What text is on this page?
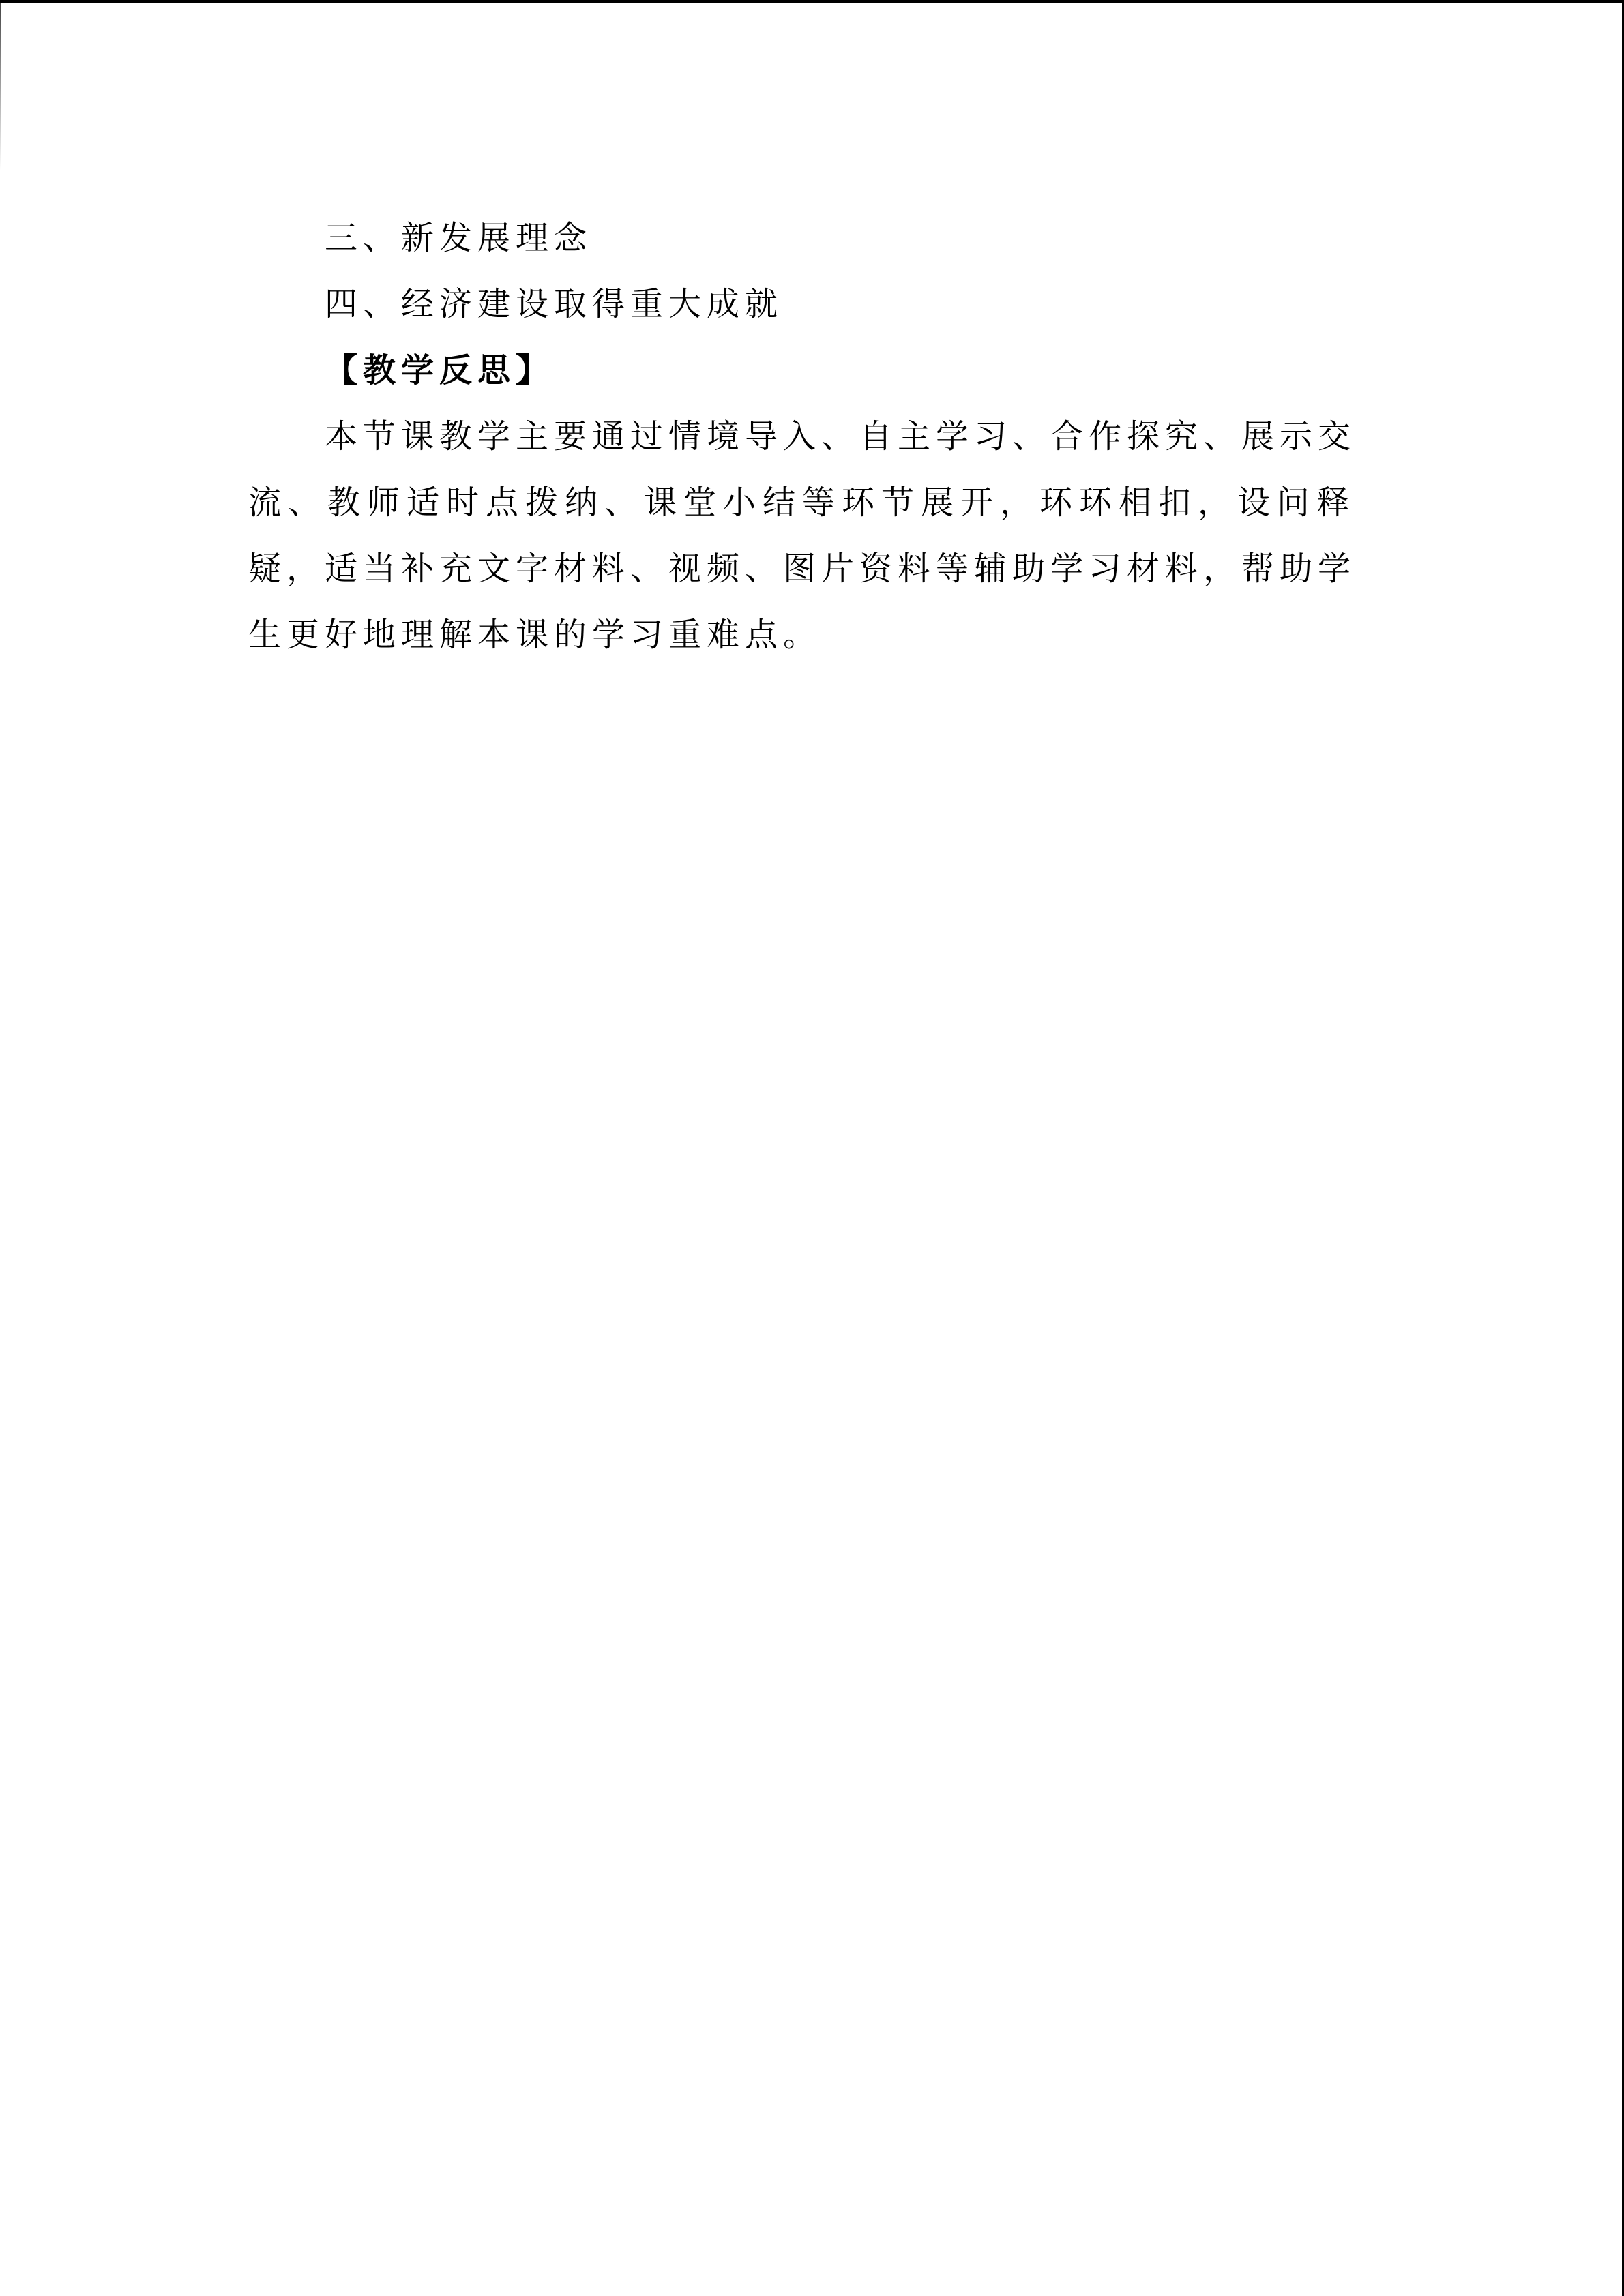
三、新发展理念
四、经济建设取得重大成就
【教学反思】
本节课教学主要通过情境导入、自主学习、合作探究、展示交
流、教师适时点拨纳、课堂小结等环节展开，环环相扣，设问释
疑，适当补充文字材料、视频、图片资料等辅助学习材料，帮助学
生更好地理解本课的学习重难点。
